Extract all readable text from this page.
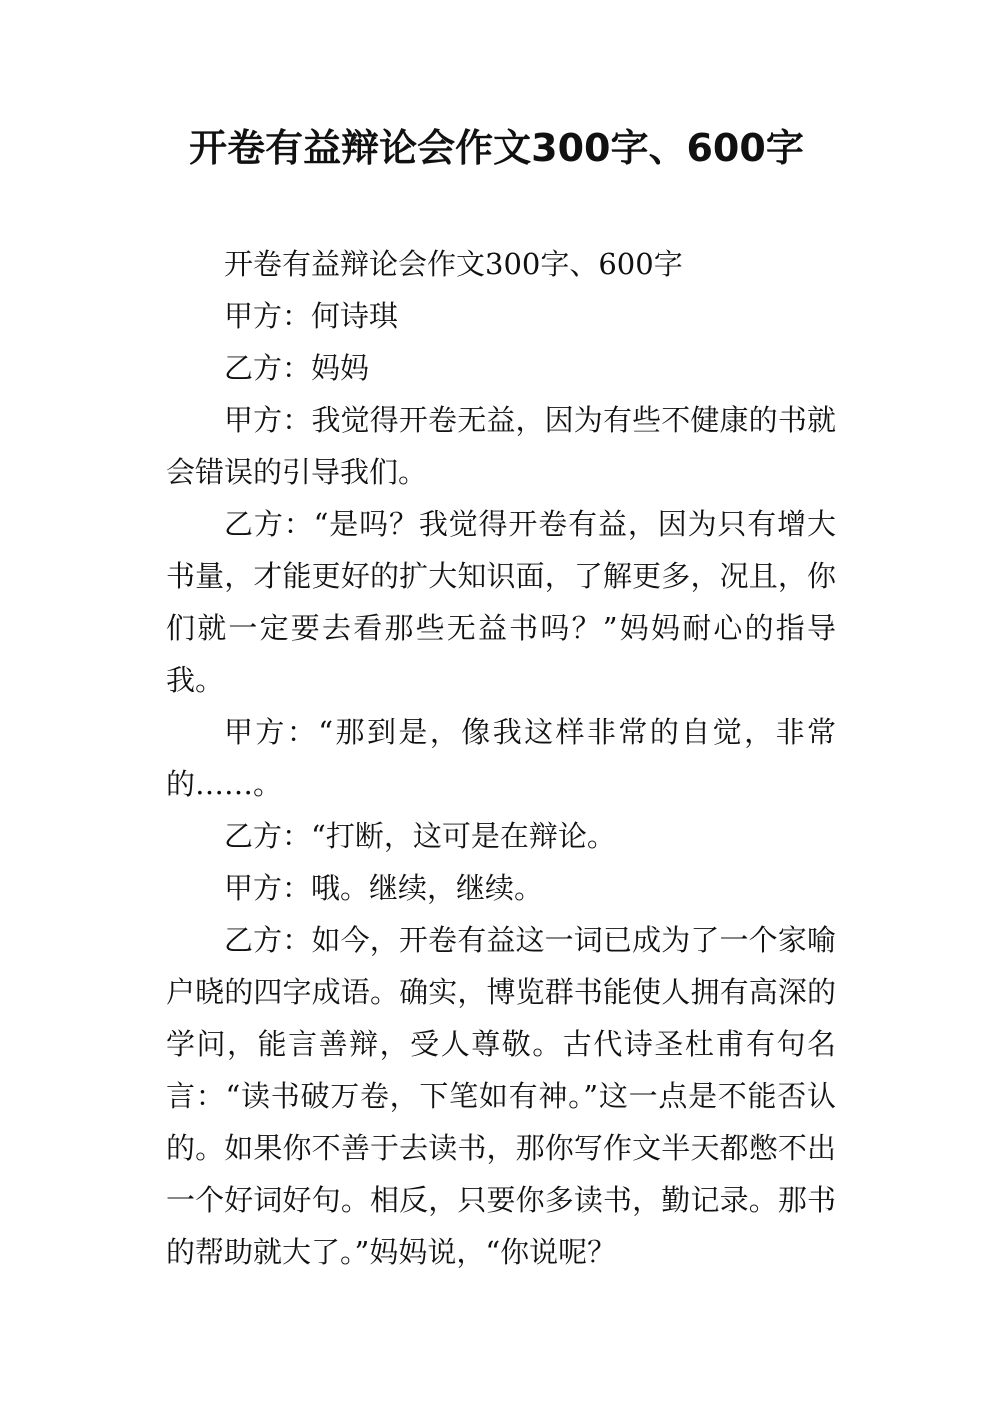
开卷有益辩论会作文300字、600字

开卷有益辩论会作文300字、600字

甲方：何诗琪

乙方：妈妈

甲方：我觉得开卷无益，因为有些不健康的书就会错误的引导我们。

乙方：“是吗？我觉得开卷有益，因为只有增大书量，才能更好的扩大知识面，了解更多，况且，你们就一定要去看那些无益书吗？”妈妈耐心的指导我。

甲方：“那到是，像我这样非常的自觉，非常的……。

乙方：“打断，这可是在辩论。

甲方：哦。继续，继续。

乙方：如今，开卷有益这一词已成为了一个家喻户晓的四字成语。确实，博览群书能使人拥有高深的学问，能言善辩，受人尊敬。古代诗圣杜甫有句名言：“读书破万卷，下笔如有神。”这一点是不能否认的。如果你不善于去读书，那你写作文半天都憋不出一个好词好句。相反，只要你多读书，勤记录。那书的帮助就大了。”妈妈说，“你说呢？
